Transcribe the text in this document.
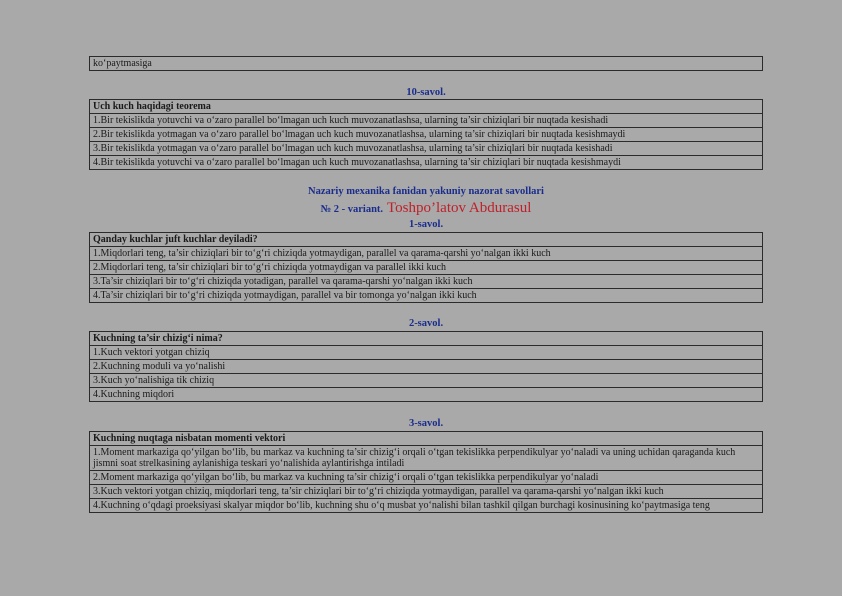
ko‘paytmasiga
10-savol.
Uch kuch haqidagi teorema
1.Bir tekislikda yotuvchi va o‘zaro parallel bo‘lmagan uch kuch muvozanatlashsa, ularning ta’sir chiziqlari bir nuqtada kesishadi
2.Bir tekislikda yotmagan va o‘zaro parallel bo‘lmagan uch kuch muvozanatlashsa, ularning ta’sir chiziqlari bir nuqtada kesishmaydi
3.Bir tekislikda yotmagan va o‘zaro parallel bo‘lmagan uch kuch muvozanatlashsa, ularning ta’sir chiziqlari bir nuqtada kesishadi
4.Bir tekislikda yotuvchi va o‘zaro parallel bo‘lmagan uch kuch muvozanatlashsa, ularning ta’sir chiziqlari bir nuqtada kesishmaydi
Nazariy mexanika fanidan yakuniy nazorat savollari
№ 2 - variant. Toshpo’latov Abdurasul
1-savol.
Qanday kuchlar juft kuchlar deyiladi?
1.Miqdorlari teng, ta’sir chiziqlari bir to‘g‘ri chiziqda yotmaydigan, parallel va qarama-qarshi yo‘nalgan ikki kuch
2.Miqdorlari teng, ta’sir chiziqlari bir to‘g‘ri chiziqda yotmaydigan va parallel ikki kuch
3.Ta’sir chiziqlari bir to‘g‘ri chiziqda yotadigan, parallel va qarama-qarshi yo‘nalgan ikki kuch
4.Ta’sir chiziqlari bir to‘g‘ri chiziqda yotmaydigan, parallel va bir tomonga yo‘nalgan ikki kuch
2-savol.
Kuchning ta’sir chizig‘i nima?
1.Kuch vektori yotgan chiziq
2.Kuchning moduli va yo‘nalishi
3.Kuch yo‘nalishiga tik chiziq
4.Kuchning miqdori
3-savol.
Kuchning nuqtaga nisbatan momenti vektori
1.Moment markaziga qo‘yilgan bo‘lib, bu markaz va kuchning ta’sir chizig‘i orqali o‘tgan tekislikka perpendikulyar yo‘naladi va uning uchidan qaraganda kuch jismni soat strelkasining aylanishiga teskari yo‘nalishida aylantirishga intiladi
2.Moment markaziga qo‘yilgan bo‘lib, bu markaz va kuchning ta’sir chizig‘i orqali o‘tgan tekislikka perpendikulyar yo‘naladi
3.Kuch vektori yotgan chiziq, miqdorlari teng, ta’sir chiziqlari bir to‘g‘ri chiziqda yotmaydigan, parallel va qarama-qarshi yo‘nalgan ikki kuch
4.Kuchning o‘qdagi proeksiyasi skalyar miqdor bo‘lib, kuchning shu o‘q musbat yo‘nalishi bilan tashkil qilgan burchagi kosinusining ko‘paytmasiga teng
